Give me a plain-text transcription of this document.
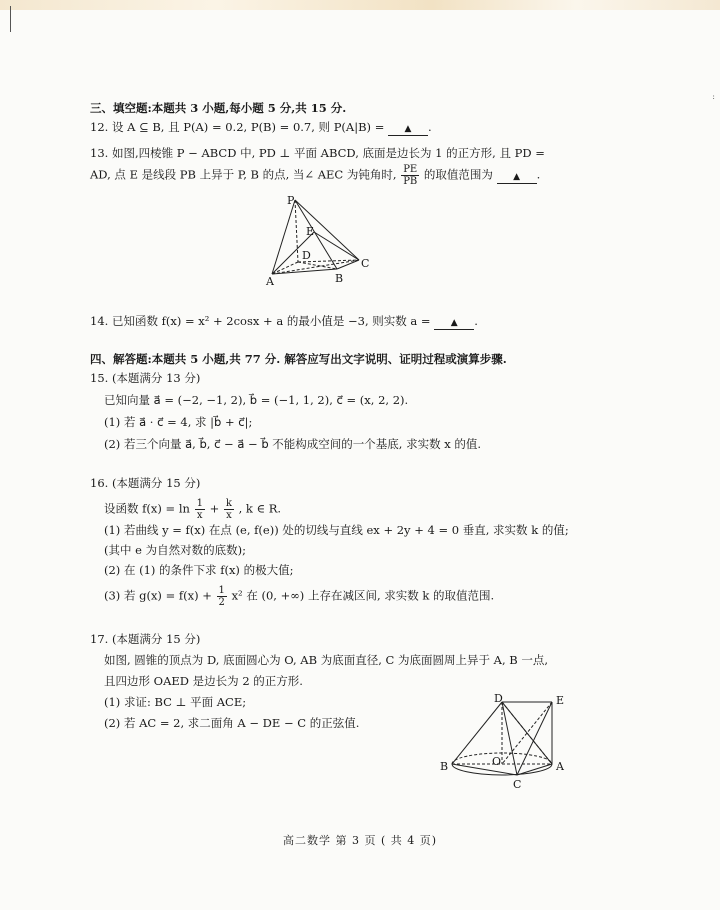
:
三、填空题:本题共 3 小题,每小题 5 分,共 15 分.
12. 设 A ⊆ B, 且 P(A) = 0.2, P(B) = 0.7, 则 P(A|B) = ▲ .
13. 如图,四棱锥 P − ABCD 中, PD ⊥ 平面 ABCD, 底面是边长为 1 的正方形, 且 PD =
AD, 点 E 是线段 PB 上异于 P, B 的点, 当∠ AEC 为钝角时, $\frac{PE}{PB}$ 的取值范围为 ▲ .
P
E
D
C
A	B
14. 已知函数 f(x) = x² + 2cosx + a 的最小值是 −3, 则实数 a = ▲ .
四、解答题:本题共 5 小题,共 77 分. 解答应写出文字说明、证明过程或演算步骤.
15. (本题满分 13 分)
已知向量 a⃗ = (−2, −1, 2), b⃗ = (−1, 1, 2), c⃗ = (x, 2, 2).
(1) 若 a⃗ · c⃗ = 4, 求 |b⃗ + c⃗|;
(2) 若三个向量 a⃗, b⃗, c⃗ − a⃗ − b⃗ 不能构成空间的一个基底, 求实数 x 的值.
16. (本题满分 15 分)
设函数 $f(x) = \ln \frac{1}{x} + \frac{k}{x}$ , k ∈ R.
(1) 若曲线 y = f(x) 在点 (e, f(e)) 处的切线与直线 ex + 2y + 4 = 0 垂直, 求实数 k 的值;
(其中 e 为自然对数的底数);
(2) 在 (1) 的条件下求 f(x) 的极大值;
(3) 若 $g(x) = f(x) + \frac{1}{2} x^2$ 在 (0, +∞) 上存在减区间, 求实数 k 的取值范围.
17. (本题满分 15 分)
如图, 圆锥的顶点为 D, 底面圆心为 O, AB 为底面直径, C 为底面圆周上异于 A, B 一点,
且四边形 OAED 是边长为 2 的正方形.
(1) 求证: BC ⊥ 平面 ACE;
(2) 若 AC = 2, 求二面角 A − DE − C 的正弦值.
D	E
O
B	A
C
高二数学 第 3 页 ( 共 4 页)
